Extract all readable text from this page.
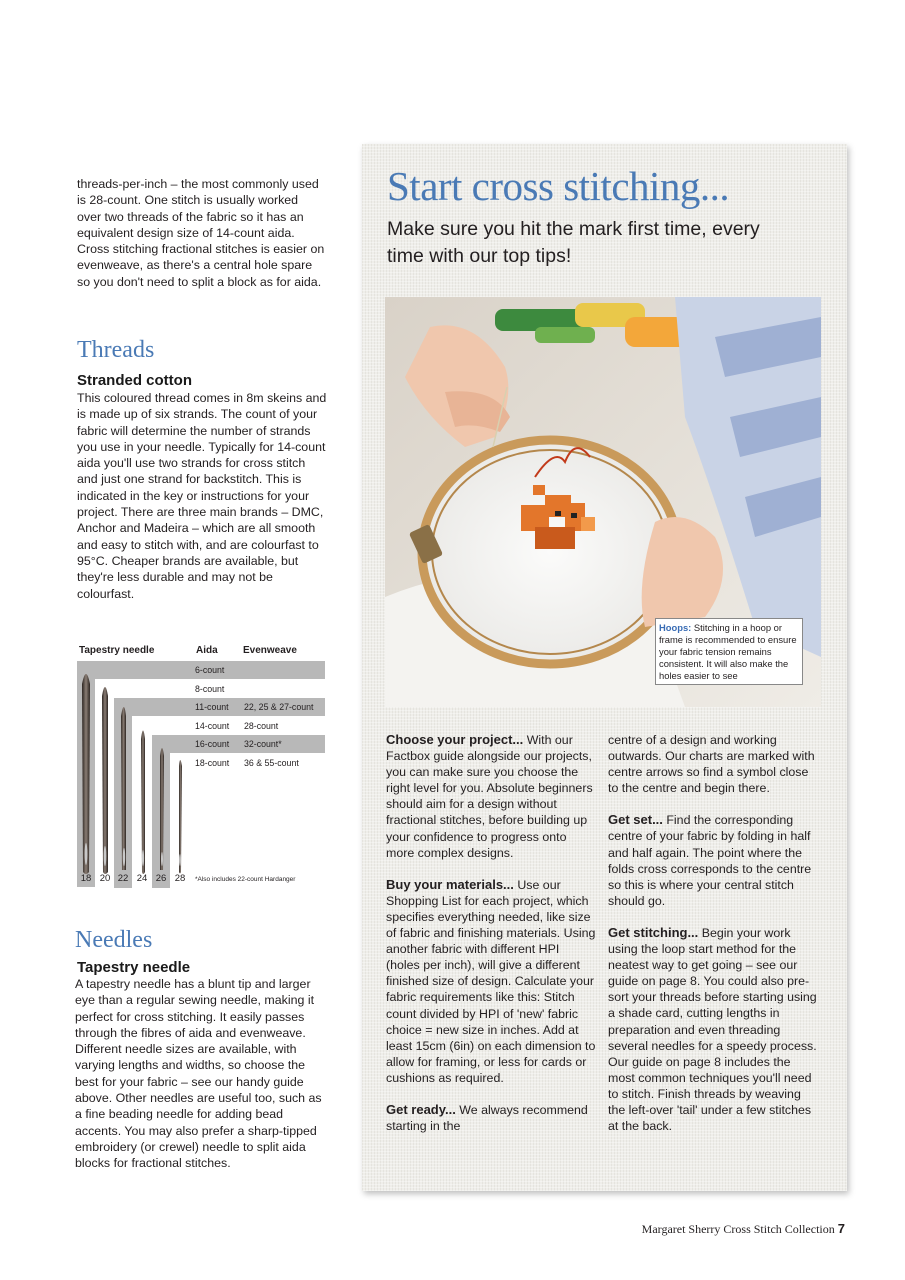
threads-per-inch – the most commonly used is 28-count. One stitch is usually worked over two threads of the fabric so it has an equivalent design size of 14-count aida. Cross stitching fractional stitches is easier on evenweave, as there's a central hole spare so you don't need to split a block as for aida.

Threads
Stranded cotton

This coloured thread comes in 8m skeins and is made up of six strands. The count of your fabric will determine the number of strands you use in your needle. Typically for 14-count aida you'll use two strands for cross stitch and just one strand for backstitch. This is indicated in the key or instructions for your project. There are three main brands – DMC, Anchor and Madeira – which are all smooth and easy to stitch with, and are colourfast to 95°C. Cheaper brands are available, but they're less durable and may not be colourfast.

Tapestry needle	Aida	Evenweave
6-count
8-count
11-count 22, 25 & 27-count
14-count 28-count
16-count 32-count*
18-count 36 & 55-count
18 20 22 24 26 28	*Also includes 22-count Hardanger
Needles
Tapestry needle

A tapestry needle has a blunt tip and larger eye than a regular sewing needle, making it perfect for cross stitching. It easily passes through the fibres of aida and evenweave. Different needle sizes are available, with varying lengths and widths, so choose the best for your fabric – see our handy guide above. Other needles are useful too, such as a fine beading needle for adding bead accents. You may also prefer a sharp-tipped embroidery (or crewel) needle to split aida blocks for fractional stitches.

Start cross stitching...

Make sure you hit the mark first time, every time with our top tips!

Hoops: Stitching in a hoop or frame is recommended to ensure your fabric tension remains consistent. It will also make the holes easier to see

Choose your project... With our Factbox guide alongside our projects, you can make sure you choose the right level for you. Absolute beginners should aim for a design without fractional stitches, before building up your confidence to progress onto more complex designs.

Buy your materials... Use our Shopping List for each project, which specifies everything needed, like size of fabric and finishing materials. Using another fabric with different HPI (holes per inch), will give a different finished size of design. Calculate your fabric requirements like this: Stitch count divided by HPI of 'new' fabric choice = new size in inches. Add at least 15cm (6in) on each dimension to allow for framing, or less for cards or cushions as required.

Get ready... We always recommend starting in the

centre of a design and working outwards. Our charts are marked with centre arrows so find a symbol close to the centre and begin there.

Get set... Find the corresponding centre of your fabric by folding in half and half again. The point where the folds cross corresponds to the centre so this is where your central stitch should go.

Get stitching... Begin your work using the loop start method for the neatest way to get going – see our guide on page 8. You could also pre-sort your threads before starting using a shade card, cutting lengths in preparation and even threading several needles for a speedy process. Our guide on page 8 includes the most common techniques you'll need to stitch. Finish threads by weaving the left-over 'tail' under a few stitches at the back.

Margaret Sherry Cross Stitch Collection 7
